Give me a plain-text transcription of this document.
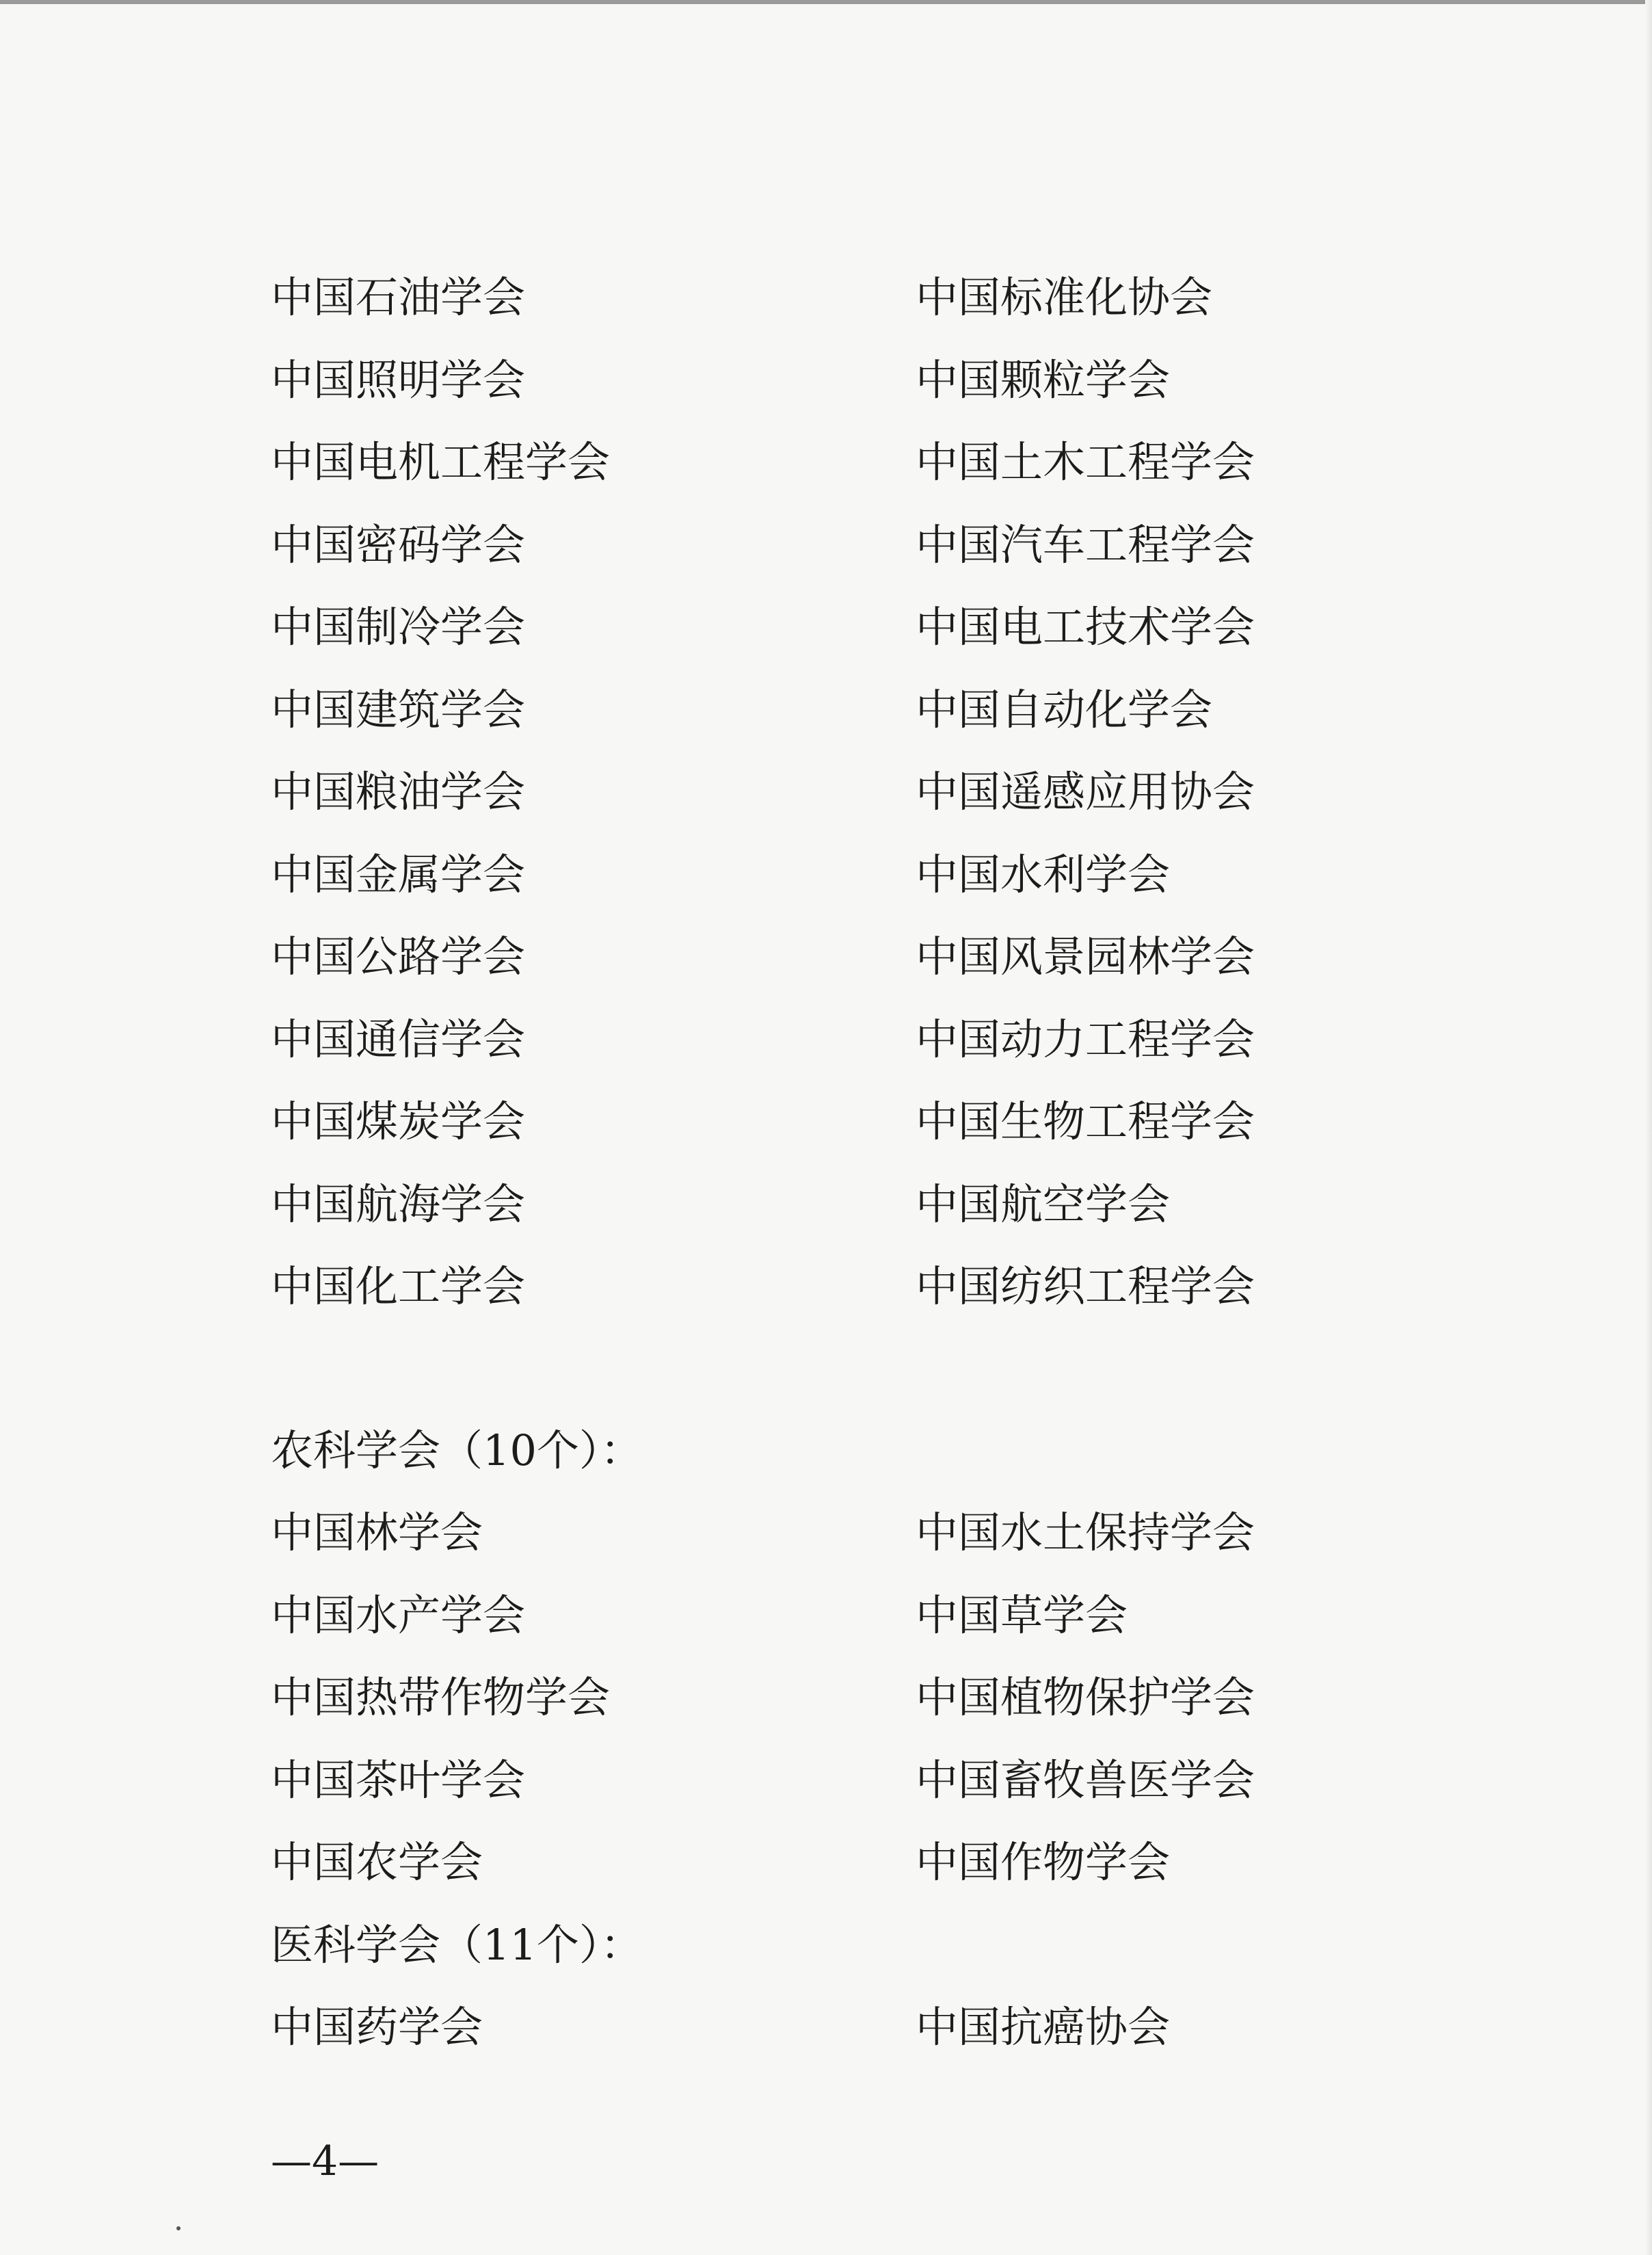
中国石油学会	中国标准化协会
中国照明学会	中国颗粒学会
中国电机工程学会	中国土木工程学会
中国密码学会	中国汽车工程学会
中国制冷学会	中国电工技术学会
中国建筑学会	中国自动化学会
中国粮油学会	中国遥感应用协会
中国金属学会	中国水利学会
中国公路学会	中国风景园林学会
中国通信学会	中国动力工程学会
中国煤炭学会	中国生物工程学会
中国航海学会	中国航空学会
中国化工学会	中国纺织工程学会
农科学会（10个）：
中国林学会	中国水土保持学会
中国水产学会	中国草学会
中国热带作物学会	中国植物保护学会
中国茶叶学会	中国畜牧兽医学会
中国农学会	中国作物学会
医科学会（11个）：
中国药学会	中国抗癌协会
—4—
